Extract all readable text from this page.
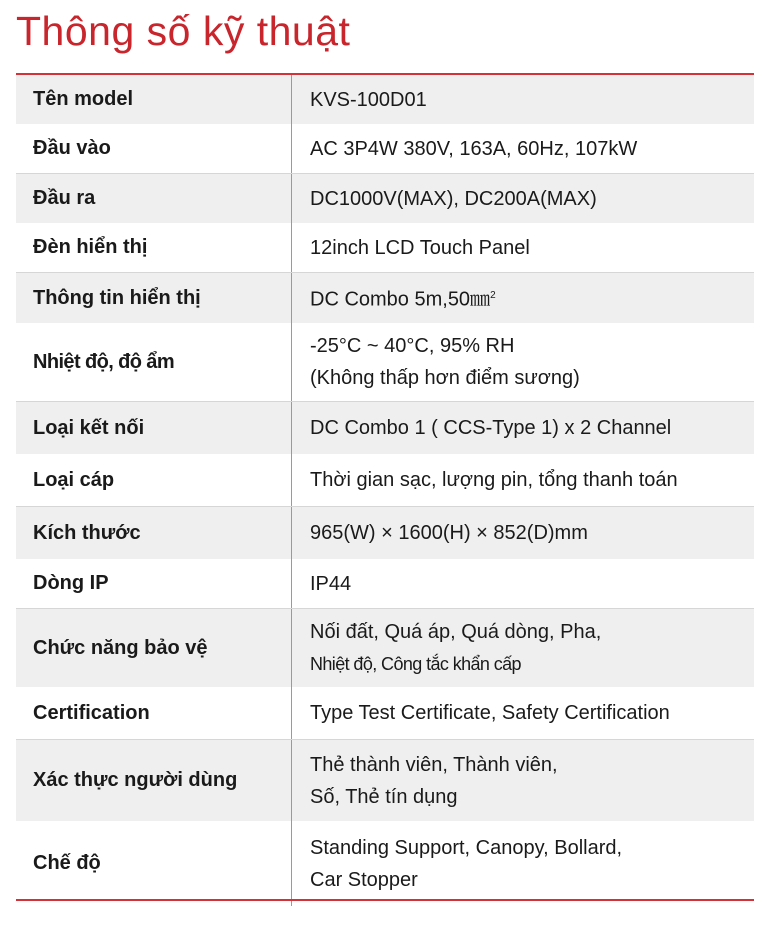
Thông số kỹ thuật
Tên model	KVS-100D01
Đầu vào	AC 3P4W 380V, 163A, 60Hz, 107kW
Đầu ra	DC1000V(MAX), DC200A(MAX)
Đèn hiển thị	12inch LCD Touch Panel
Thông tin hiển thị	DC Combo 5m,50㎜$^2$
Nhiệt độ, độ ẩm	-25°C ~ 40°C, 95% RH
(Không thấp hơn điểm sương)

Loại kết nối	DC Combo 1 ( CCS-Type 1) x 2 Channel
Loại cáp	Thời gian sạc, lượng pin, tổng thanh toán
Kích thước	965(W) × 1600(H) × 852(D)mm
Dòng IP	IP44
Chức năng bảo vệ	Nối đất, Quá áp, Quá dòng, Pha,
Nhiệt độ, Công tắc khẩn cấp

Certification	Type Test Certificate, Safety Certification
Xác thực người dùng	Thẻ thành viên, Thành viên,
Số, Thẻ tín dụng

Chế độ	Standing Support, Canopy, Bollard,
Car Stopper
